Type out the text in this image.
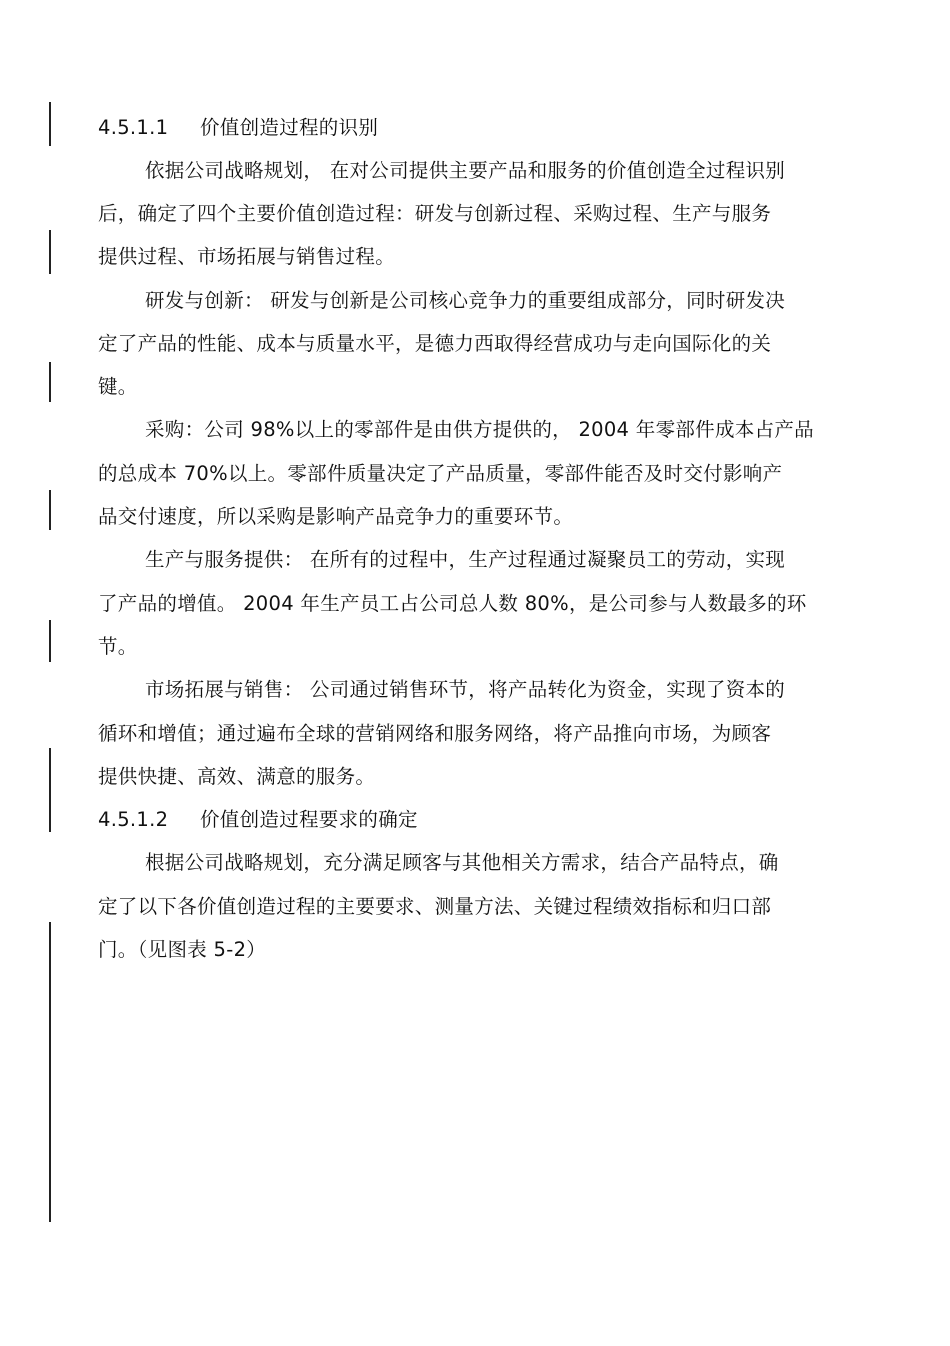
4.5.1.1 价值创造过程的识别
依据公司战略规划， 在对公司提供主要产品和服务的价值创造全过程识别
后，确定了四个主要价值创造过程：研发与创新过程、采购过程、生产与服务
提供过程、市场拓展与销售过程。
研发与创新： 研发与创新是公司核心竞争力的重要组成部分，同时研发决
定了产品的性能、成本与质量水平，是德力西取得经营成功与走向国际化的关
键。
采购：公司 98%以上的零部件是由供方提供的， 2004 年零部件成本占产品
的总成本 70%以上。零部件质量决定了产品质量，零部件能否及时交付影响产
品交付速度，所以采购是影响产品竞争力的重要环节。
生产与服务提供： 在所有的过程中，生产过程通过凝聚员工的劳动，实现
了产品的增值。 2004 年生产员工占公司总人数 80%，是公司参与人数最多的环
节。
市场拓展与销售： 公司通过销售环节，将产品转化为资金，实现了资本的
循环和增值；通过遍布全球的营销网络和服务网络，将产品推向市场，为顾客
提供快捷、高效、满意的服务。
4.5.1.2 价值创造过程要求的确定
根据公司战略规划，充分满足顾客与其他相关方需求，结合产品特点，确
定了以下各价值创造过程的主要要求、测量方法、关键过程绩效指标和归口部
门。（见图表 5-2）
